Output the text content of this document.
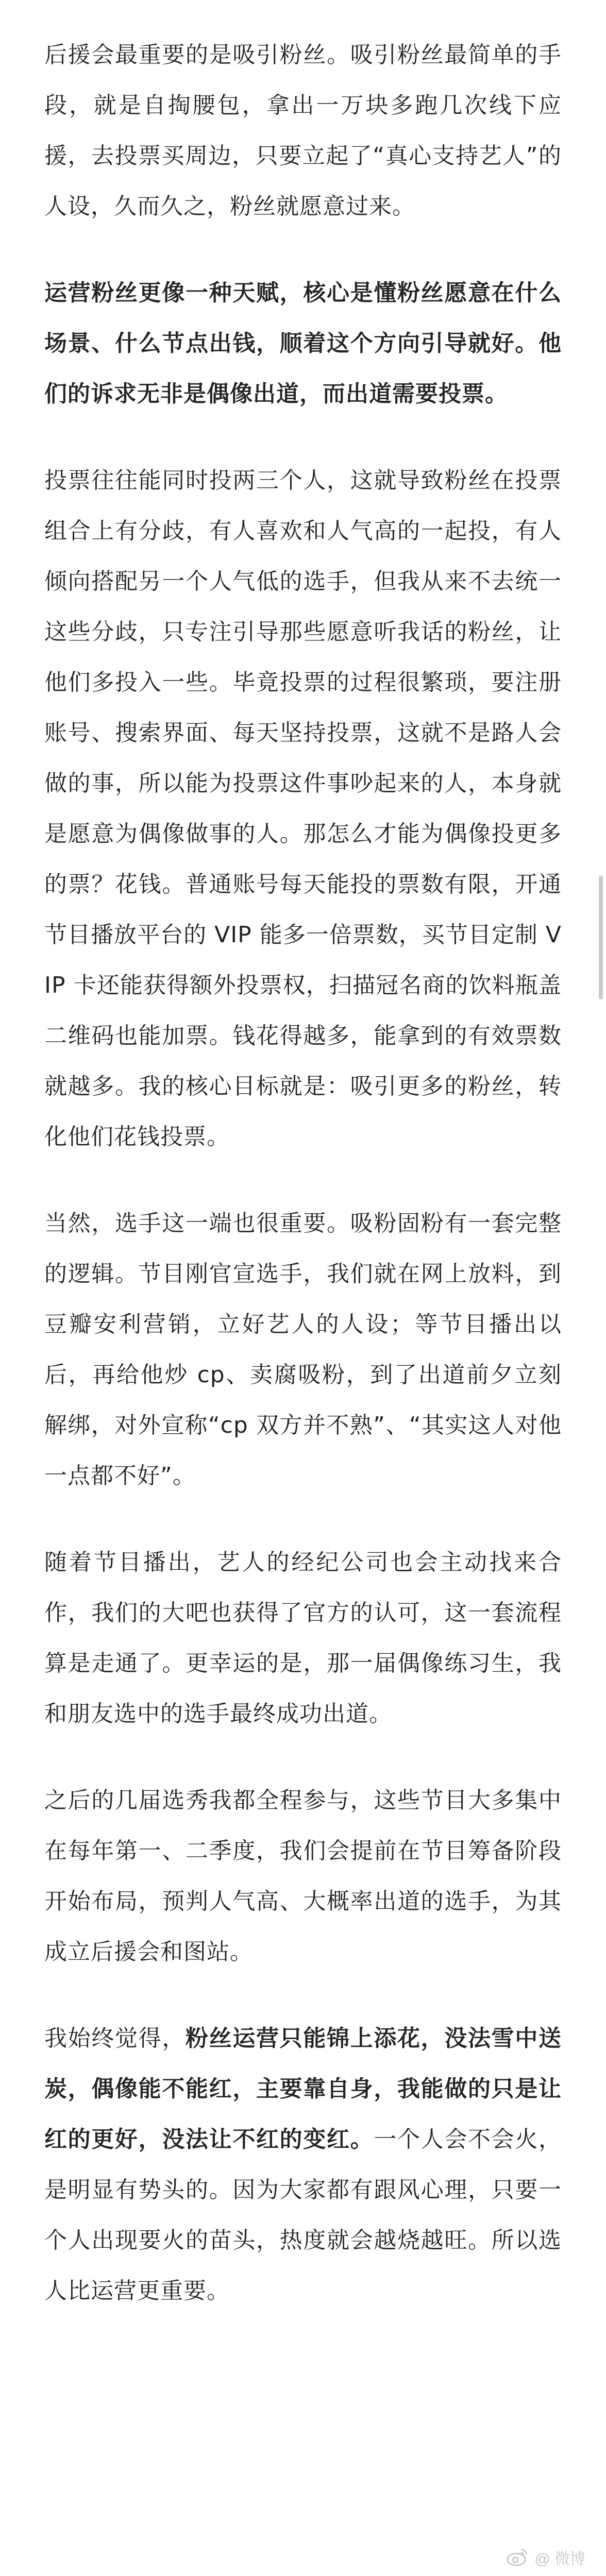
后援会最重要的是吸引粉丝。吸引粉丝最简单的手段，就是自掏腰包，拿出一万块多跑几次线下应援，去投票买周边，只要立起了“真心支持艺人”的人设，久而久之，粉丝就愿意过来。

运营粉丝更像一种天赋，核心是懂粉丝愿意在什么场景、什么节点出钱，顺着这个方向引导就好。他们的诉求无非是偶像出道，而出道需要投票。

投票往往能同时投两三个人，这就导致粉丝在投票组合上有分歧，有人喜欢和人气高的一起投，有人倾向搭配另一个人气低的选手，但我从来不去统一这些分歧，只专注引导那些愿意听我话的粉丝，让他们多投入一些。毕竟投票的过程很繁琐，要注册账号、搜索界面、每天坚持投票，这就不是路人会做的事，所以能为投票这件事吵起来的人，本身就是愿意为偶像做事的人。那怎么才能为偶像投更多的票？花钱。普通账号每天能投的票数有限，开通节目播放平台的 VIP 能多一倍票数，买节目定制 VIP 卡还能获得额外投票权，扫描冠名商的饮料瓶盖二维码也能加票。钱花得越多，能拿到的有效票数就越多。我的核心目标就是：吸引更多的粉丝，转化他们花钱投票。

当然，选手这一端也很重要。吸粉固粉有一套完整的逻辑。节目刚官宣选手，我们就在网上放料，到豆瓣安利营销，立好艺人的人设；等节目播出以后，再给他炒 cp、卖腐吸粉，到了出道前夕立刻解绑，对外宣称“cp 双方并不熟”、“其实这人对他一点都不好”。

随着节目播出，艺人的经纪公司也会主动找来合作，我们的大吧也获得了官方的认可，这一套流程算是走通了。更幸运的是，那一届偶像练习生，我和朋友选中的选手最终成功出道。

之后的几届选秀我都全程参与，这些节目大多集中在每年第一、二季度，我们会提前在节目筹备阶段开始布局，预判人气高、大概率出道的选手，为其成立后援会和图站。

我始终觉得，粉丝运营只能锦上添花，没法雪中送炭，偶像能不能红，主要靠自身，我能做的只是让红的更好，没法让不红的变红。一个人会不会火，是明显有势头的。因为大家都有跟风心理，只要一个人出现要火的苗头，热度就会越烧越旺。所以选人比运营更重要。

@ 微博
